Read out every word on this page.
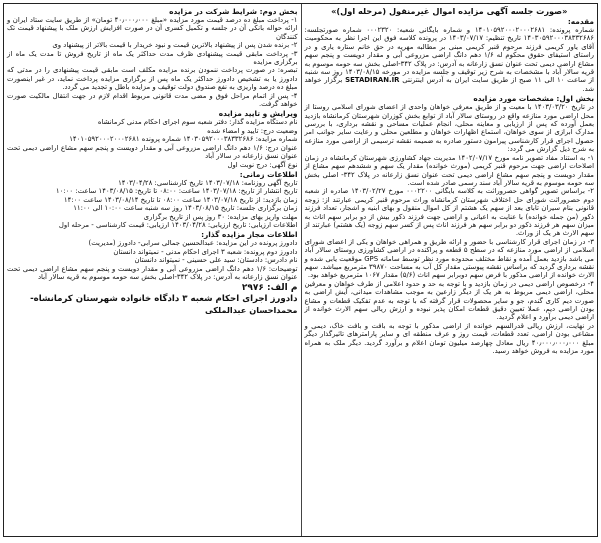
«صورت جلسه آگهی مزایده اموال غیرمنقول (مرحله اول)»
مقدمه:

شماره پرونده: ۱۴۰۱۰۵۹۲۰۰۰۲۰۰۰۲۶۸۱ و شماره بایگانی شعبه: ۰۰۰۲۳۲۰ شماره صورتجلسه: ۱۴۰۳۰۵۹۲۰۰۰۳۸۳۳۲۶۸۶ تاریخ تنظیم: ۱۴۰۳/۰۷/۱۷ در پرونده کلاسه فوق این اجرا نظر به محکومیت آقای یاور کریمی فرزند مرحوم قنبر کریمی مبنی بر مطالبه مهریه در حق خانم ستاره یاری و در راستای استیفای حقوق محکوم له ۱/۶ دهم دانگ اراضی مزروعی آبی و مقدار دویست و پنجم سهم مشاع اراضی دیمی تحت عنوان نسق زارعانه به آدرس: در پلاک ۳۴۲-اصلی بخش سه حومه موسوم به قریه سالار آباد با مشخصات به شرح زیر توقیف و جلسه مزایده در مورخه ۱۴۰۳/۰۸/۱۵ روز سه شنبه از ساعت ۱۰ الی ۱۱ صبح از طریق سایت ایران به آدرس اینترنتی SETADIRAN.IR برگزار خواهد شد.

بخش اول: مشخصات مورد مزایده

در تاریخ ۱۴۰۳/۰۳/۲۰ با معیت و از طریق معرفی خواهان واحدی از اعضای شورای اسلامی روستا از محل اراضی مورد منازعه واقع در روستای سالار آباد از توابع بخش کوزران شهرستان کرمانشاه بازدید بعمل آورده که پس از ارزیابی و معاینه محلی، انجام عملیات مساحی و نقشه برداری، با بررسی مدارک ابرازی از سوی خواهان، استماع اظهارات خواهان و مطلعین محلی و رعایت سایر جوانب امر حصول اجرای قرار کارشناسی پیرامون دستور صادره به ضمیمه نقشه ترسیمی از اراضی مورد منازعه به شرح ذیل گزارش می گردد:

۱- به استناد مفاد تصویر نامه مورخ ۱۴۰۲/۰۷/۱۷ مدیریت جهاد کشاورزی شهرستان کرمانشاه در زمان اصلاحات اراضی جهت مرحوم قنبر کریمی (مورث خوانده) مقدار یک سهم و ششدهم سهم مشاع از مقدار دویست و پنجم سهم مشاع اراضی دیمی تحت عنوان نسق زارعانه در پلاک ۳۴۲- اصلی بخش سه حومه موسوم به قریه سالار آباد سند رسمی صادر شده است.

۲- براساس تصویر گواهی حصروراثت به کلاسه بایگانی ۰۰۰۲۲۰۰ مورخ ۱۴۰۳/۰۲/۲۷ صادره از شعبه دوم حصروراثت شورای حل اختلاف شهرستان کرمانشاه وراث مرحوم قنبر کریمی عبارتند از: زوجه قانونی بنام سیران تابای بعد از سهم یک هشتم از کل اموال منقول و بهای ابنیه و اشجار، تعداد فرزند ذکور (من جمله خوانده) با عنایت به اعیانی و اراضی جهت فرزند ذکور بیش از دو برابر سهم اناث به میزان سهم هر فرزند ذکور دو برابر سهم هر فرزند اناث پس از کسر سهم زوجه (یک هشتم) عبارتند از سهم الارث هر یک از وراث.

۳- در زمان اجرای قرار کارشناسی با حضور و ارائه طریق و همراهی خواهان و یکی از اعضای شورای اسلامی از اراضی مورد منازعه که در سطح ۵ قطعه و پراکنده در اراضی کشاورزی روستای سالار آباد می باشد بازدید بعمل آمده و نقاط مختلف محدوده مورد نظر توسط سامانه GPS موقعیت یابی شده و نقشه برداری گردید که براساس نقشه پیوستی مقدار کل آب به مساحت ۳۹۸۷۰ مترمربع میباشد. سهم الارث خوانده از اراضی مذکور با فرض سهم دوبرابر سهم اناث (۵/۶) مقدار ۱۰۶۷ مترمربع خواهد بود.

۴- درخصوص اراضی دیمی در زمان بازدید و با توجه به حد و حدود اعلامی از طرف خواهان و معرفین محلی، اراضی دیمی مربوط به هر یک از دیگر زارعین به موجب مشاهدات میدانی، آیش اراضی به صورت دیم کاری گندم، جو و سایر محصولات قرار گرفته که با توجه به عدم تفکیک قطعات و مشاع بودن اراضی دیم، عملا تعیین دقیق قطعات امکان پذیر نبوده و ارزش ریالی سهم الارث خوانده از اراضی دیمی برآورد و اعلام گردید.

در نهایت، ارزش ریالی قدرالسهم خوانده از اراضی مذکور با توجه به بافت و بافت خاک، دیمی و مشاعی بودن اراضی، تعدد قطعات، قیمت روز و عرف منطقه ای و سایر پارامترهای تاثیرگذار دیگر مبلغ ۴۰٫۰۰۰٫۰۰۰٫۰۰۰ ریال معادل چهارصد میلیون تومان اعلام و برآورد گردید. دیگر ملک به همراه مورد مزایده به فروش خواهد رسید.

بخش دوم: شرایط شرکت در مزایده

۱- پرداخت مبلغ ده درصد قیمت مورد مزایده «مبلغ ۴۰٫۰۰۰٫۰۰۰ تومان» از طریق سایت ستاد ایران و ارائه حواله بانکی آن در جلسه و تکمیل کسری آن در صورت افزایش ارزش ملک با پیشنهاد قیمت تک کنندگان

۲- برنده شدن پس از پیشنهاد بالاترین قیمت و نبود خریدار با قیمت بالاتر از پیشنهاد وی

۳- پرداخت مابقی قیمت پیشنهادی ظرف مدت حداکثر یک ماه از تاریخ فروش تا مدت یک ماه از برگزاری مزایده

تبصره: در صورت پرداخت ننمودن برنده مزایده مکلف است مابقی قیمت پیشنهادی را در مدتی که دادورز یا به تشخیص دادورز حداکثر یک ماه پس از برگزاری مزایده پرداخت نماید، در غیر اینصورت مبلغ ده درصد واریزی به نفع صندوق دولت توقیف و مزایده باطل و تجدید می گردد.

۴- پس از اتمام مراحل فوق و مضی مدت قانونی مربوط اقدام لازم در جهت انتقال مالکیت صورت خواهد گرفت.

ویرایش و تایید مزایده

نام دستگاه مزایده گذار: دفتر شعبه سوم اجرای احکام مدنی کرمانشاه

وضعیت درج: تایید و امضاء شده

شماره مزایده: ۱۴۰۳۰۵۹۲۰۰۰۳۸۳۳۲۶۸۶ شماره پرونده ۱۴۰۱۰۵۹۲۰۰۰۲۰۰۰۲۶۸۱

عنوان درج: ۱/۶ دهم دانگ اراضی مزروعی آبی و مقدار دویست و پنجم سهم مشاع اراضی دیمی تحت عنوان نسق زارعانه در سالار آباد

نوع آگهی: درج نوبت اول

اطلاعات زمانی:

تاریخ آگهی روزنامه: ۱۴۰۳/۰۷/۱۸ تاریخ کارشناسی: ۱۴۰۳/۰۴/۲۸

تاریخ انتشار از تاریخ: ۱۴۰۳/۰۷/۱۸ ساعت: ۰۸:۰۰ تا تاریخ: ۱۴۰۳/۰۸/۱۵ ساعت: ۱۰:۰۰

زمان بازدید: از تاریخ ۱۴۰۳/۰۷/۱۸ ساعت ۰۸:۰۰ تا تاریخ ۱۴۰۳/۰۸/۱۴ ساعت ۱۴:۰۰

زمان برگزاری جلسه: تاریخ ۱۴۰۳/۰۸/۱۵ روز سه شنبه ساعت ۱۰:۰۰ الی ۱۱:۰۰

مهلت واریز بهای مزایده: ۳۰ روز پس از تاریخ برگزاری

اطلاعات ارزیابی: تاریخ ارزیابی: ۱۴۰۳/۰۴/۲۸ ارزیابی: قیمت کارشناسی - مرحله اول

اطلاعات مجاز مزایده گذار:

دادورز پرونده در این مزایده: عبدالحسین جمالی سرابی- دادورز (مدیریت)

دادورز دوم پرونده: شعبه ۳ اجرای احکام مدنی - نمیتواند دانستان

نام دادرس: دادستان: سید علی حسینی - نمیتواند دانستان

توضیحات: ۱/۶ دهم دانگ اراضی مزروعی آبی و مقدار دویست و پنجم سهم مشاع اراضی دیمی تحت عنوان نسق زارعانه به آدرس: در پلاک ۳۴۲-اصلی بخش سه حومه موسوم به قریه سالار آباد

م الف: ۲۹۷۶
دادورز اجرای احکام شعبه ۳ دادگاه خانواده شهرستان کرمانشاه-
محمداحسان عبدالملکی
